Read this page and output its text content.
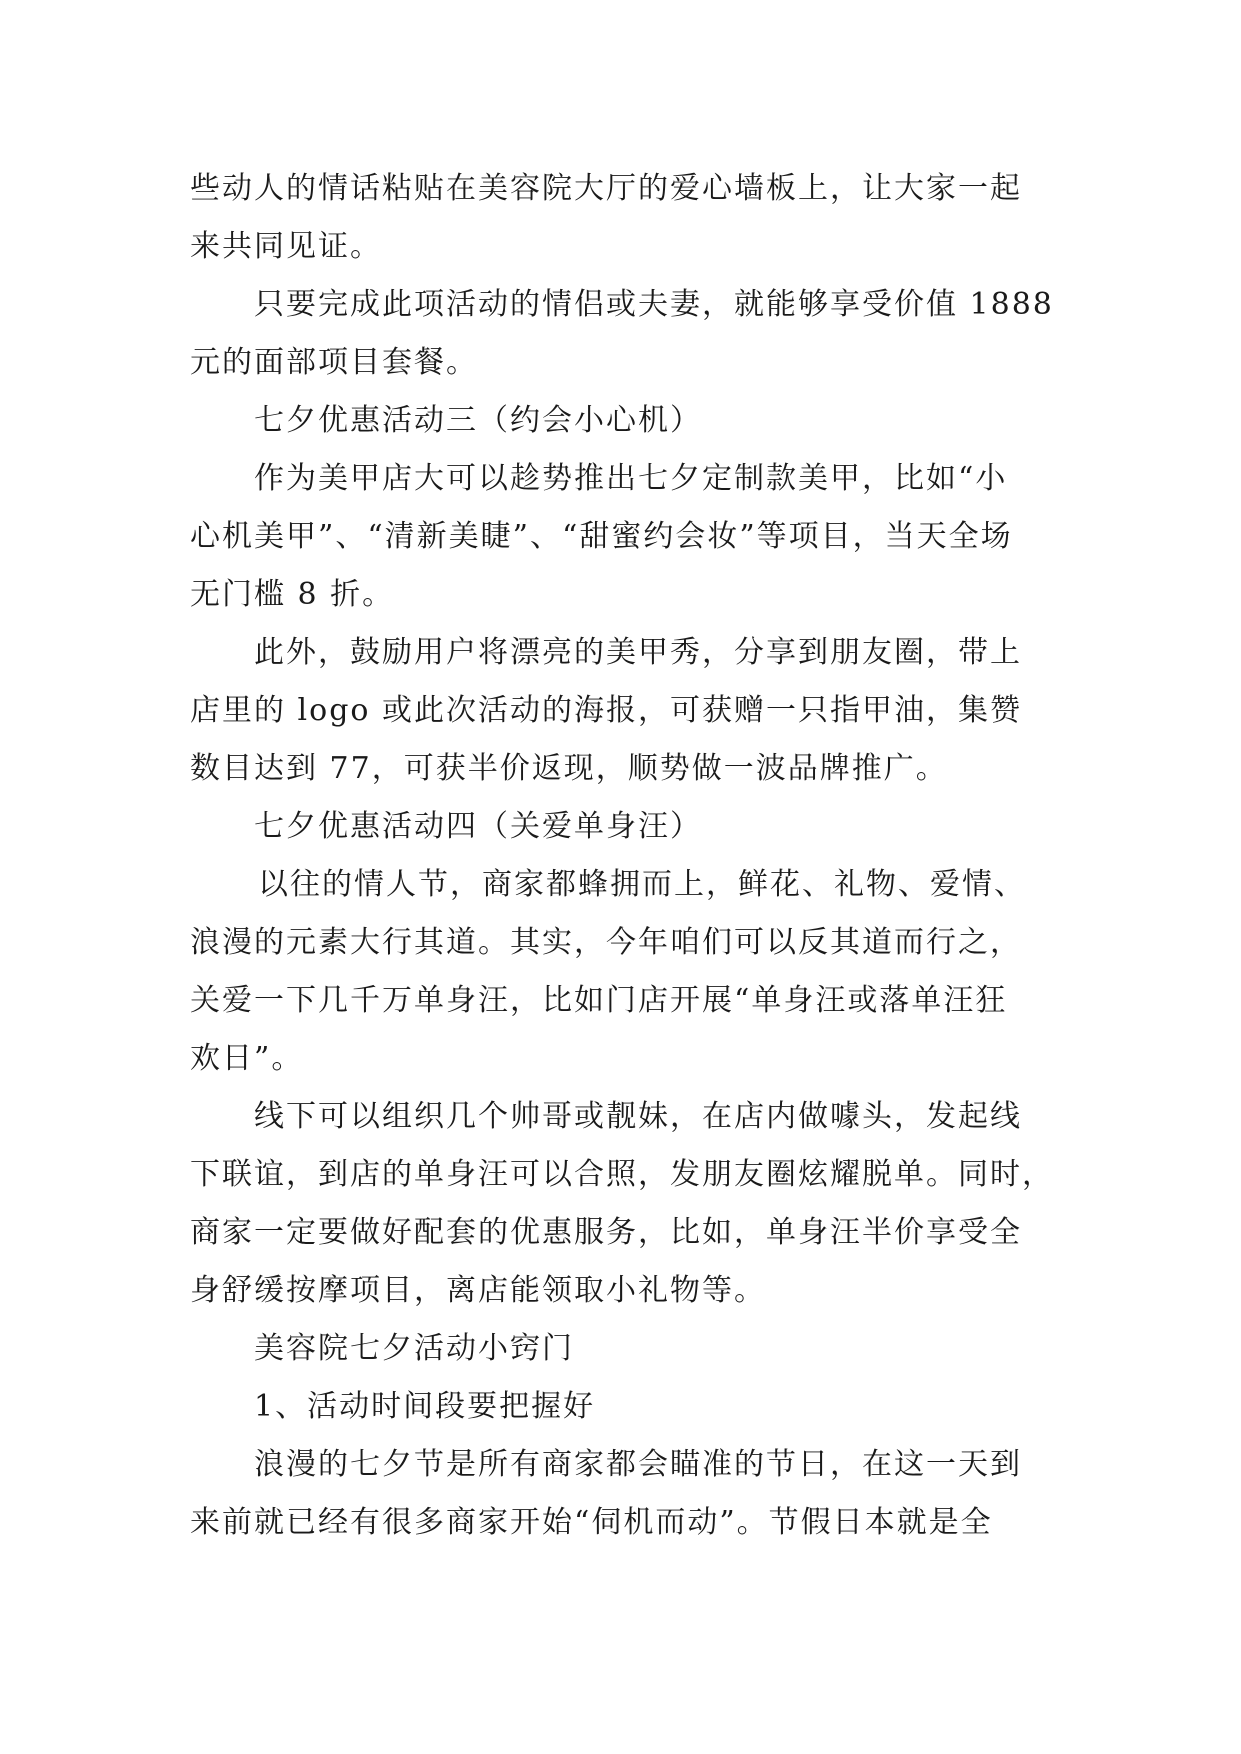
些动人的情话粘贴在美容院大厅的爱心墙板上，让大家一起
来共同见证。
只要完成此项活动的情侣或夫妻，就能够享受价值 1888
元的面部项目套餐。
七夕优惠活动三（约会小心机）
作为美甲店大可以趁势推出七夕定制款美甲，比如“小
心机美甲”、“清新美睫”、“甜蜜约会妆”等项目，当天全场
无门槛 8 折。
此外，鼓励用户将漂亮的美甲秀，分享到朋友圈，带上
店里的 logo 或此次活动的海报，可获赠一只指甲油，集赞
数目达到 77，可获半价返现，顺势做一波品牌推广。
七夕优惠活动四（关爱单身汪）
以往的情人节，商家都蜂拥而上，鲜花、礼物、爱情、
浪漫的元素大行其道。其实，今年咱们可以反其道而行之，
关爱一下几千万单身汪，比如门店开展“单身汪或落单汪狂
欢日”。
线下可以组织几个帅哥或靓妹，在店内做噱头，发起线
下联谊，到店的单身汪可以合照，发朋友圈炫耀脱单。同时，
商家一定要做好配套的优惠服务，比如，单身汪半价享受全
身舒缓按摩项目，离店能领取小礼物等。
美容院七夕活动小窍门
1、活动时间段要把握好
浪漫的七夕节是所有商家都会瞄准的节日，在这一天到
来前就已经有很多商家开始“伺机而动”。节假日本就是全
